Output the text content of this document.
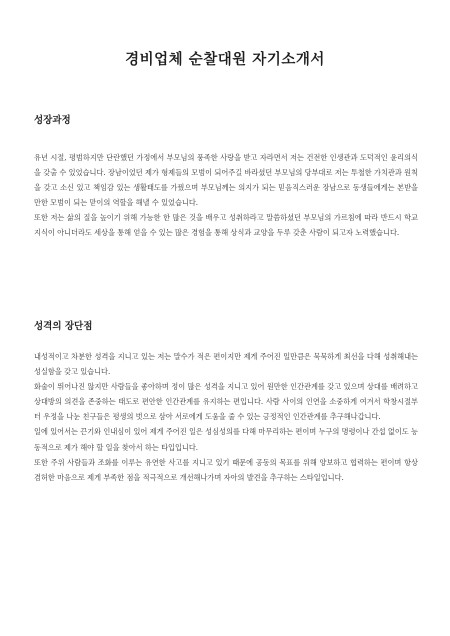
경비업체 순찰대원 자기소개서
성장과정

유년 시절, 평범하지만 단란했던 가정에서 부모님의 풍족한 사랑을 받고 자라면서 저는 건전한 인생관과 도덕적인 윤리의식을 갖출 수 있었습니다. 장남이었던 제가 형제들의 모범이 되어주길 바라셨던 부모님의 당부대로 저는 투철한 가치관과 원칙을 갖고 소신 있고 책임감 있는 생활태도를 가꿨으며 부모님께는 의지가 되는 믿음직스러운 장남으로 동생들에게는 본받을 만한 모범이 되는 맏이의 역할을 해낼 수 있었습니다.

또한 저는 삶의 질을 높이기 위해 가능한 한 많은 것을 배우고 성취하라고 말씀하셨던 부모님의 가르침에 따라 반드시 학교 지식이 아니더라도 세상을 통해 얻을 수 있는 많은 경험을 통해 상식과 교양을 두루 갖춘 사람이 되고자 노력했습니다.

성격의 장단점

내성적이고 차분한 성격을 지니고 있는 저는 말수가 적은 편이지만 제게 주어진 일만큼은 묵묵하게 최선을 다해 성취해내는 성실함을 갖고 있습니다.

화술이 뛰어나진 않지만 사람들을 좋아하며 정이 많은 성격을 지니고 있어 원만한 인간관계를 갖고 있으며 상대를 배려하고 상대방의 의견을 존중하는 태도로 편안한 인간관계를 유지하는 편입니다. 사람 사이의 인연을 소중하게 여겨서 학창시절부터 우정을 나눈 친구들은 평생의 벗으로 삼아 서로에게 도움을 줄 수 있는 긍정적인 인간관계를 추구해나갑니다.

일에 있어서는 끈기와 인내심이 있어 제게 주어진 일은 성심성의를 다해 마무리하는 편이며 누구의 명령이나 간섭 없이도 능동적으로 제가 해야 할 일을 찾아서 하는 타입입니다.

또한 주위 사람들과 조화를 이루는 유연한 사고를 지니고 있기 때문에 공동의 목표를 위해 양보하고 협력하는 편이며 항상 겸허한 마음으로 제게 부족한 점을 적극적으로 개선해나가며 자아의 발견을 추구하는 스타일입니다.
